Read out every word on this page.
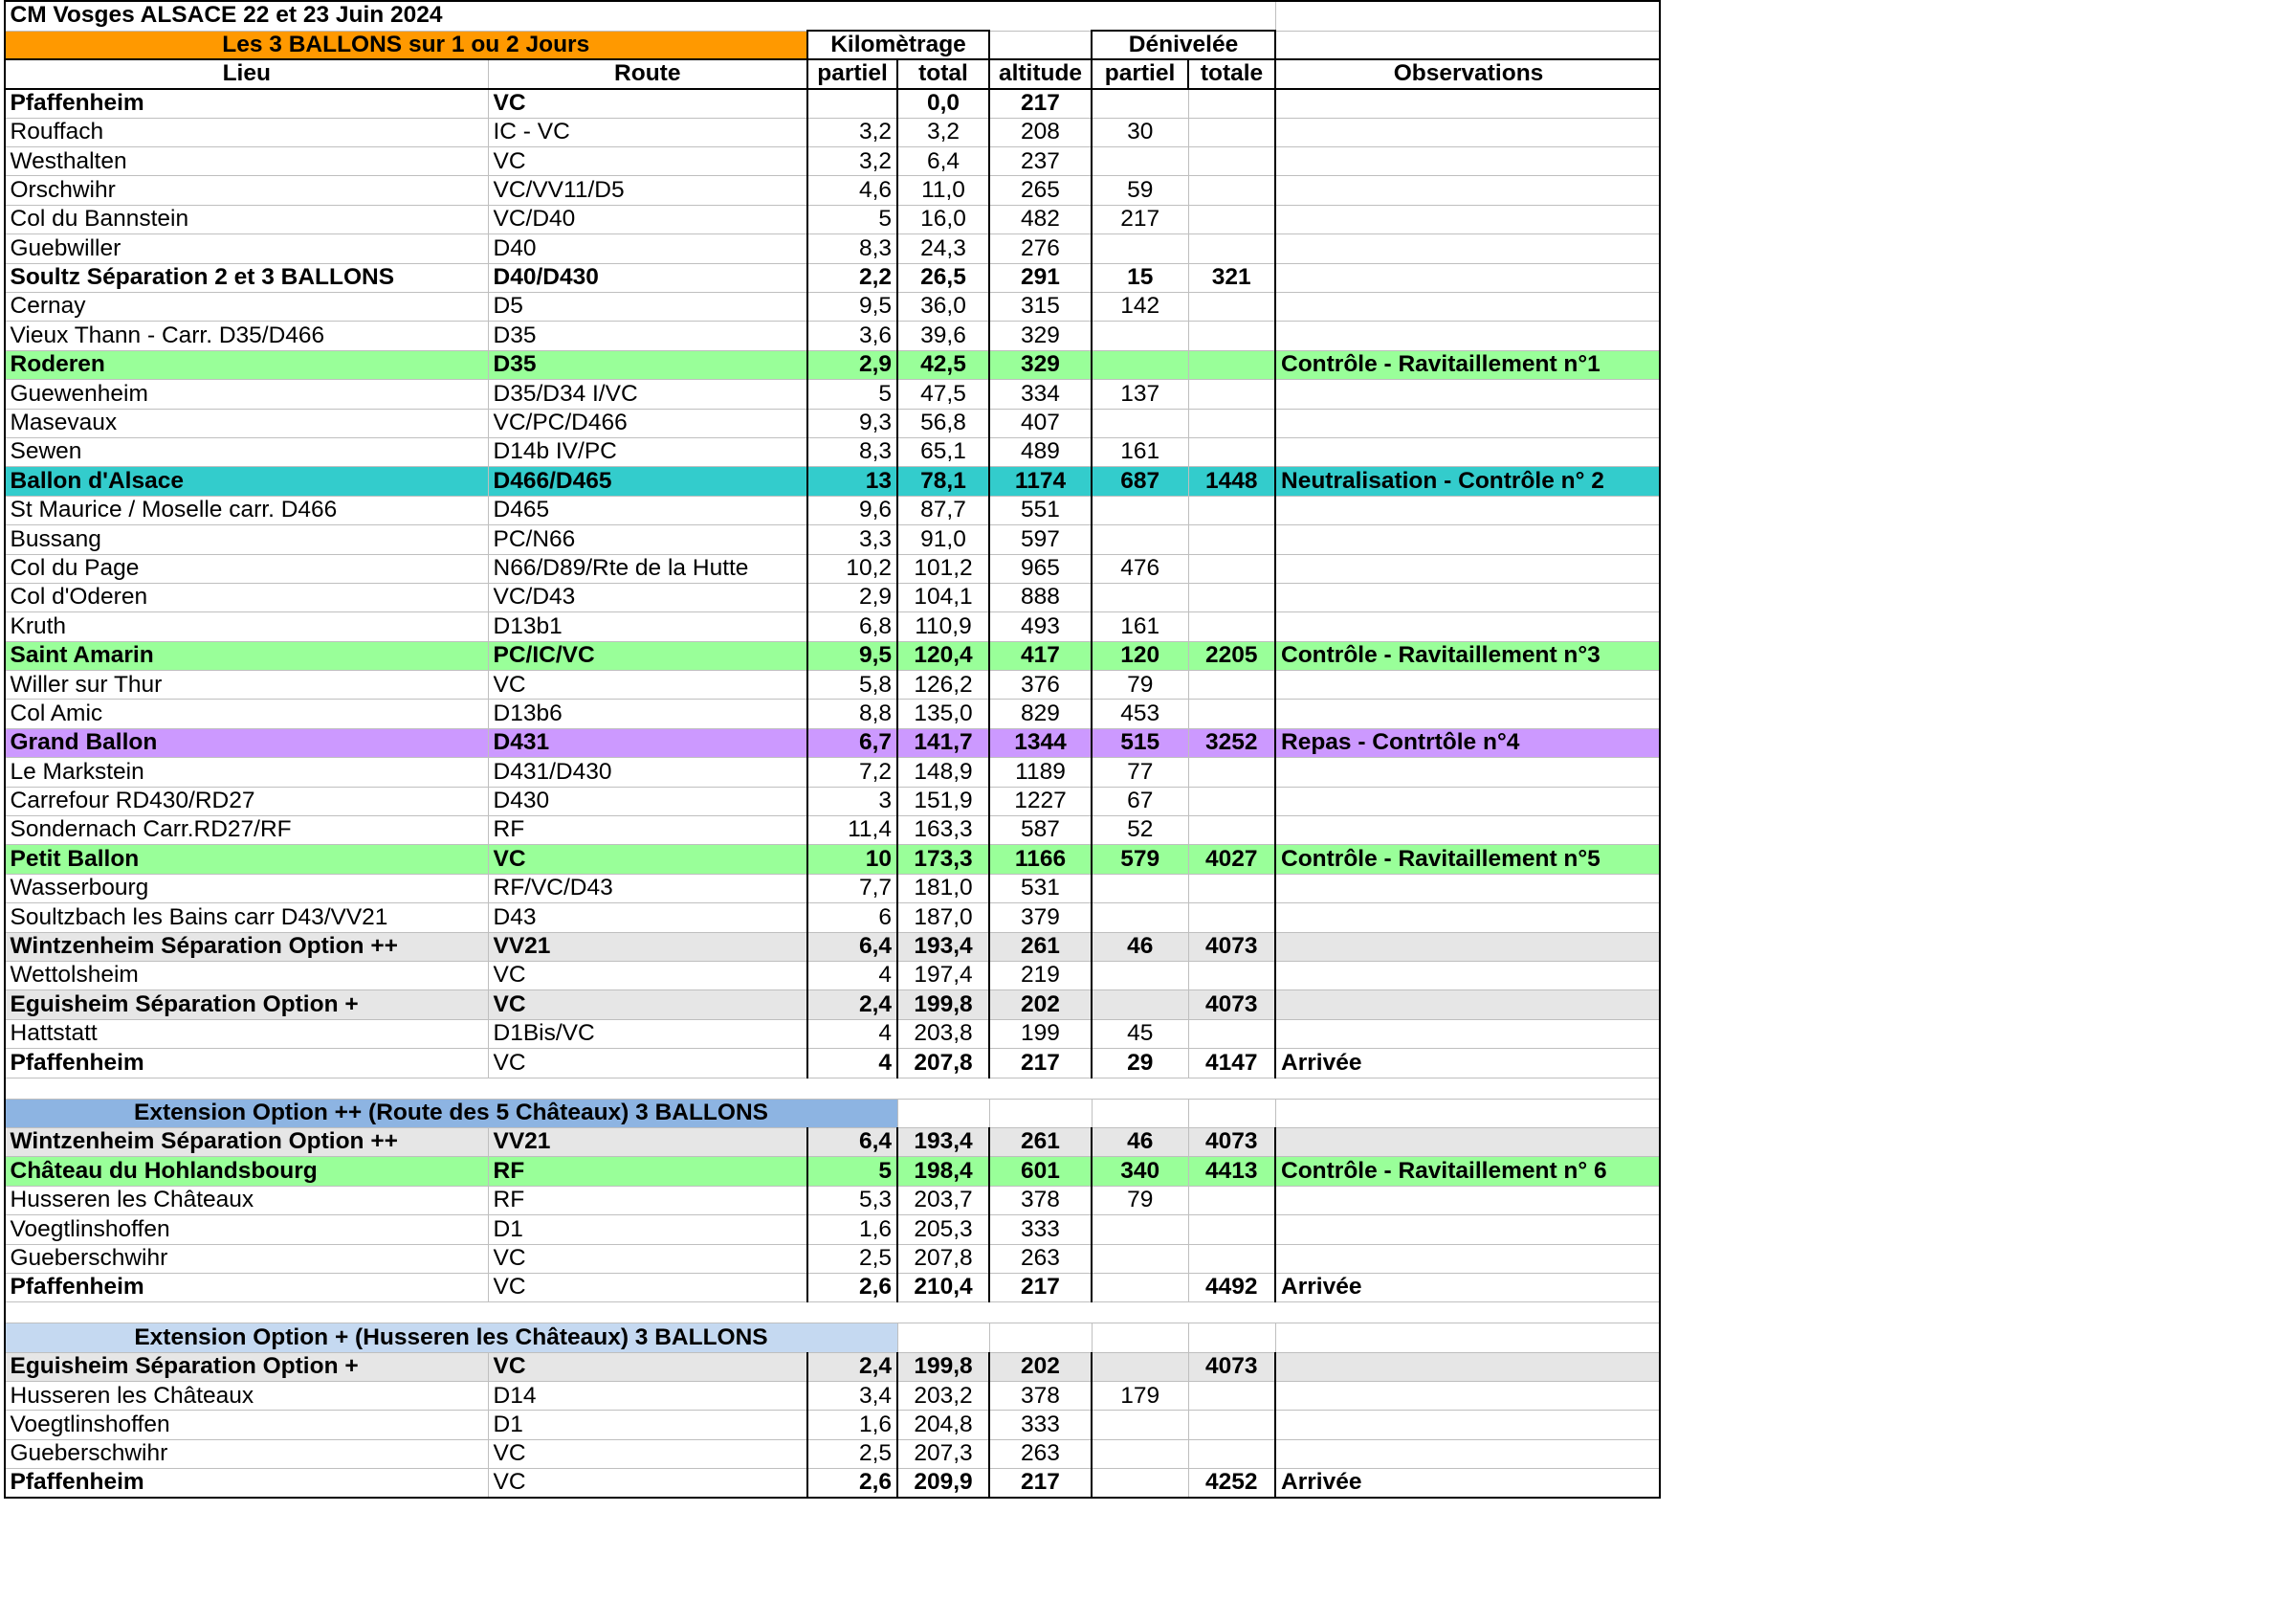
CM Vosges ALSACE 22 et 23 Juin 2024							
Les 3 BALLONS sur 1 ou 2 Jours		Kilomètrage			Dénivelée		
Lieu	Route	partiel	total	altitude	partiel	totale	Observations
Pfaffenheim	VC		0,0	217			
Rouffach	IC - VC	3,2	3,2	208	30		
Westhalten	VC	3,2	6,4	237			
Orschwihr	VC/VV11/D5	4,6	11,0	265	59		
Col du Bannstein	VC/D40	5	16,0	482	217		
Guebwiller	D40	8,3	24,3	276			
Soultz Séparation 2 et 3 BALLONS	D40/D430	2,2	26,5	291	15	321	
Cernay	D5	9,5	36,0	315	142		
Vieux Thann - Carr. D35/D466	D35	3,6	39,6	329			
Roderen	D35	2,9	42,5	329			Contrôle - Ravitaillement n°1
Guewenheim	D35/D34 I/VC	5	47,5	334	137		
Masevaux	VC/PC/D466	9,3	56,8	407			
Sewen	D14b IV/PC	8,3	65,1	489	161		
Ballon d'Alsace	D466/D465	13	78,1	1174	687	1448	Neutralisation - Contrôle n° 2
St Maurice / Moselle carr. D466	D465	9,6	87,7	551			
Bussang	PC/N66	3,3	91,0	597			
Col du Page	N66/D89/Rte de la Hutte	10,2	101,2	965	476		
Col d'Oderen	VC/D43	2,9	104,1	888			
Kruth	D13b1	6,8	110,9	493	161		
Saint Amarin	PC/IC/VC	9,5	120,4	417	120	2205	Contrôle - Ravitaillement n°3
Willer sur Thur	VC	5,8	126,2	376	79		
Col Amic	D13b6	8,8	135,0	829	453		
Grand Ballon	D431	6,7	141,7	1344	515	3252	Repas - Contrtôle n°4
Le Markstein	D431/D430	7,2	148,9	1189	77		
Carrefour RD430/RD27	D430	3	151,9	1227	67		
Sondernach Carr.RD27/RF	RF	11,4	163,3	587	52		
Petit Ballon	VC	10	173,3	1166	579	4027	Contrôle - Ravitaillement n°5
Wasserbourg	RF/VC/D43	7,7	181,0	531			
Soultzbach les Bains carr D43/VV21	D43	6	187,0	379			
Wintzenheim Séparation Option ++	VV21	6,4	193,4	261	46	4073	
Wettolsheim	VC	4	197,4	219			
Eguisheim Séparation Option +	VC	2,4	199,8	202		4073	
Hattstatt	D1Bis/VC	4	203,8	199	45		
Pfaffenheim	VC	4	207,8	217	29	4147	Arrivée

Extension Option ++ (Route des 5 Châteaux) 3 BALLONS							
Wintzenheim Séparation Option ++	VV21	6,4	193,4	261	46	4073	
Château du Hohlandsbourg	RF	5	198,4	601	340	4413	Contrôle - Ravitaillement n° 6
Husseren les Châteaux	RF	5,3	203,7	378	79		
Voegtlinshoffen	D1	1,6	205,3	333			
Gueberschwihr	VC	2,5	207,8	263			
Pfaffenheim	VC	2,6	210,4	217		4492	Arrivée

Extension Option + (Husseren les Châteaux) 3 BALLONS							
Eguisheim Séparation Option +	VC	2,4	199,8	202		4073	
Husseren les Châteaux	D14	3,4	203,2	378	179		
Voegtlinshoffen	D1	1,6	204,8	333			
Gueberschwihr	VC	2,5	207,3	263			
Pfaffenheim	VC	2,6	209,9	217		4252	Arrivée
